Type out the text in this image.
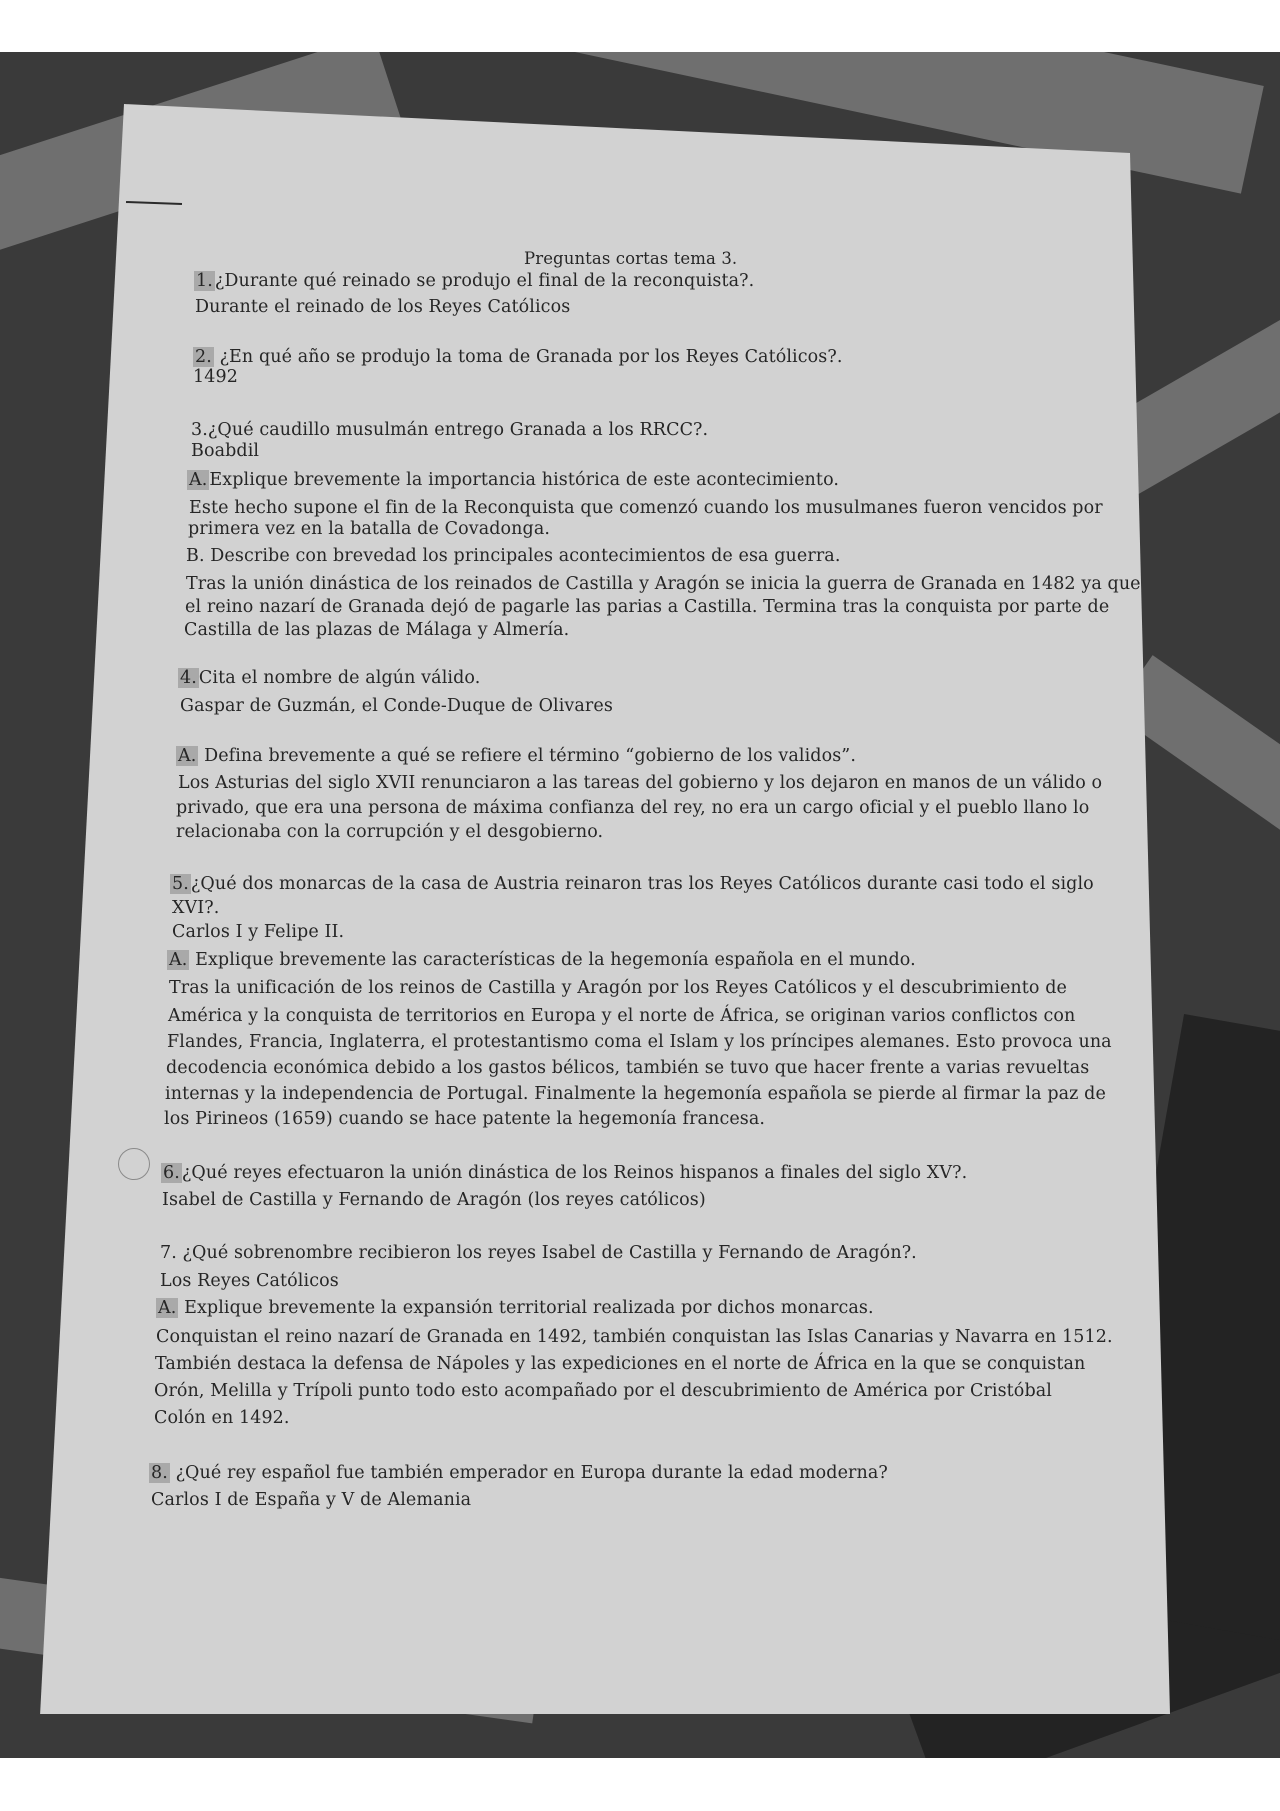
Preguntas cortas tema 3.
1. ¿Durante qué reinado se produjo el final de la reconquista?.
Durante el reinado de los Reyes Católicos
2. ¿En qué año se produjo la toma de Granada por los Reyes Católicos?.
1492
3.¿Qué caudillo musulmán entrego Granada a los RRCC?.
Boabdil
A. Explique brevemente la importancia histórica de este acontecimiento.
Este hecho supone el fin de la Reconquista que comenzó cuando los musulmanes fueron vencidos por
primera vez en la batalla de Covadonga.
B. Describe con brevedad los principales acontecimientos de esa guerra.
Tras la unión dinástica de los reinados de Castilla y Aragón se inicia la guerra de Granada en 1482 ya que
el reino nazarí de Granada dejó de pagarle las parias a Castilla. Termina tras la conquista por parte de
Castilla de las plazas de Málaga y Almería.
4. Cita el nombre de algún válido.
Gaspar de Guzmán, el Conde-Duque de Olivares
A. Defina brevemente a qué se refiere el término “gobierno de los validos”.
Los Asturias del siglo XVII renunciaron a las tareas del gobierno y los dejaron en manos de un válido o
privado, que era una persona de máxima confianza del rey, no era un cargo oficial y el pueblo llano lo
relacionaba con la corrupción y el desgobierno.
5. ¿Qué dos monarcas de la casa de Austria reinaron tras los Reyes Católicos durante casi todo el siglo
XVI?.
Carlos I y Felipe II.
A. Explique brevemente las características de la hegemonía española en el mundo.
Tras la unificación de los reinos de Castilla y Aragón por los Reyes Católicos y el descubrimiento de
América y la conquista de territorios en Europa y el norte de África, se originan varios conflictos con
Flandes, Francia, Inglaterra, el protestantismo coma el Islam y los príncipes alemanes. Esto provoca una
decodencia económica debido a los gastos bélicos, también se tuvo que hacer frente a varias revueltas
internas y la independencia de Portugal. Finalmente la hegemonía española se pierde al firmar la paz de
los Pirineos (1659) cuando se hace patente la hegemonía francesa.
6. ¿Qué reyes efectuaron la unión dinástica de los Reinos hispanos a finales del siglo XV?.
Isabel de Castilla y Fernando de Aragón (los reyes católicos)
7. ¿Qué sobrenombre recibieron los reyes Isabel de Castilla y Fernando de Aragón?.
Los Reyes Católicos
A. Explique brevemente la expansión territorial realizada por dichos monarcas.
Conquistan el reino nazarí de Granada en 1492, también conquistan las Islas Canarias y Navarra en 1512.
También destaca la defensa de Nápoles y las expediciones en el norte de África en la que se conquistan
Orón, Melilla y Trípoli punto todo esto acompañado por el descubrimiento de América por Cristóbal
Colón en 1492.
8. ¿Qué rey español fue también emperador en Europa durante la edad moderna?
Carlos I de España y V de Alemania
